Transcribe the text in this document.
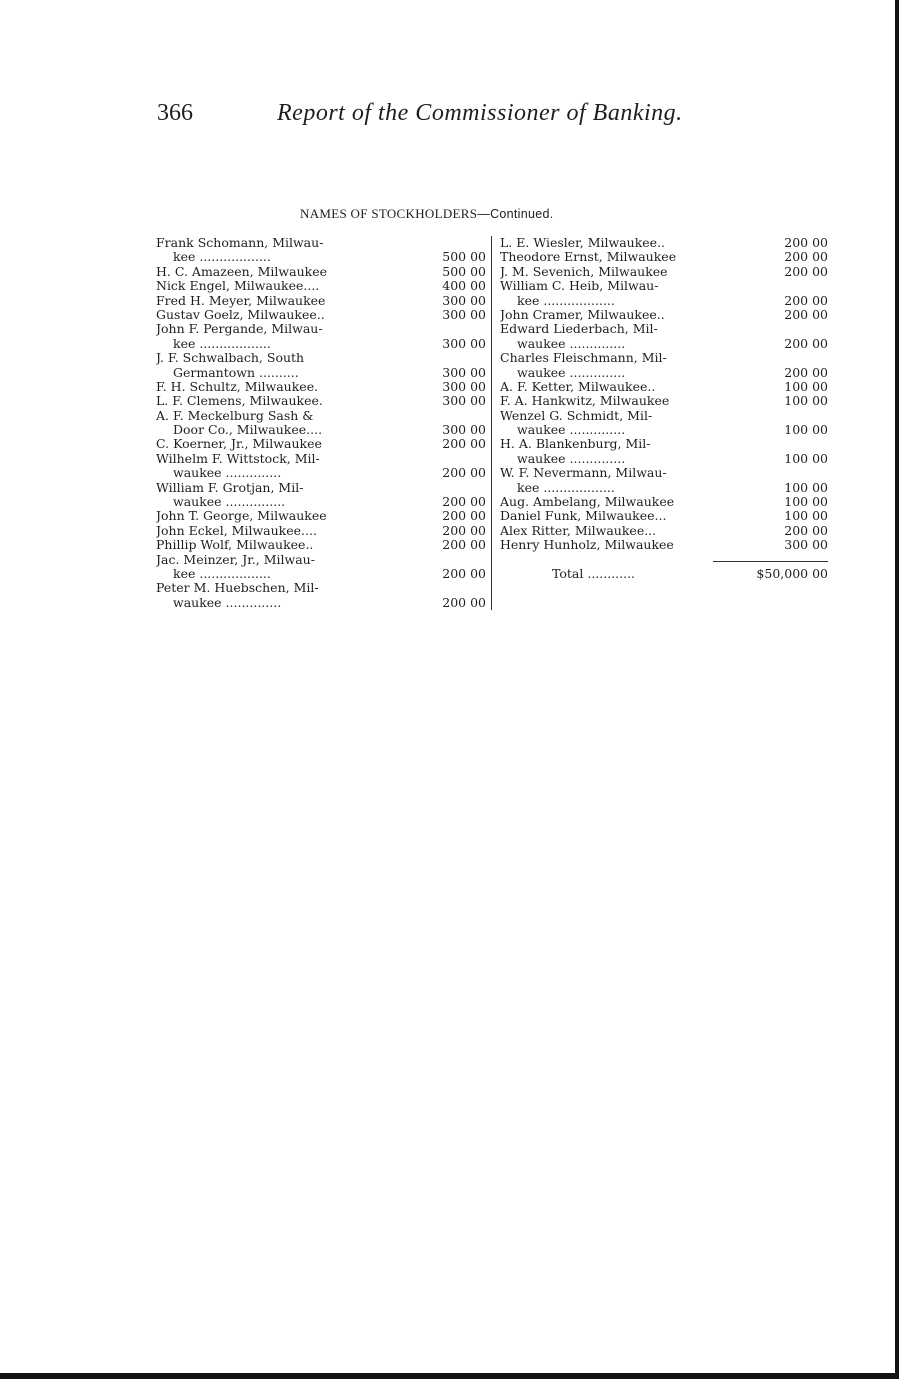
366	Report of the Commissioner of Banking.
NAMES OF STOCKHOLDERS—Continued.
Frank Schomann, Milwau-
kee ..................	500 00
H. C. Amazeen, Milwaukee	500 00
Nick Engel, Milwaukee....	400 00
Fred H. Meyer, Milwaukee	300 00
Gustav Goelz, Milwaukee..	300 00
John F. Pergande, Milwau-
kee ..................	300 00
J. F. Schwalbach, South
Germantown ..........	300 00
F. H. Schultz, Milwaukee.	300 00
L. F. Clemens, Milwaukee.	300 00
A. F. Meckelburg Sash &
Door Co., Milwaukee....	300 00
C. Koerner, Jr., Milwaukee	200 00
Wilhelm F. Wittstock, Mil-
waukee ..............	200 00
William F. Grotjan, Mil-
waukee ...............	200 00
John T. George, Milwaukee	200 00
John Eckel, Milwaukee....	200 00
Phillip Wolf, Milwaukee..	200 00
Jac. Meinzer, Jr., Milwau-
kee ..................	200 00
Peter M. Huebschen, Mil-
waukee ..............	200 00
L. E. Wiesler, Milwaukee..	200 00
Theodore Ernst, Milwaukee	200 00
J. M. Sevenich, Milwaukee	200 00
William C. Heib, Milwau-
kee ..................	200 00
John Cramer, Milwaukee..	200 00
Edward Liederbach, Mil-
waukee ..............	200 00
Charles Fleischmann, Mil-
waukee ..............	200 00
A. F. Ketter, Milwaukee..	100 00
F. A. Hankwitz, Milwaukee	100 00
Wenzel G. Schmidt, Mil-
waukee ..............	100 00
H. A. Blankenburg, Mil-
waukee ..............	100 00
W. F. Nevermann, Milwau-
kee ..................	100 00
Aug. Ambelang, Milwaukee	100 00
Daniel Funk, Milwaukee...	100 00
Alex Ritter, Milwaukee...	200 00
Henry Hunholz, Milwaukee	300 00
Total ............	$50,000 00
